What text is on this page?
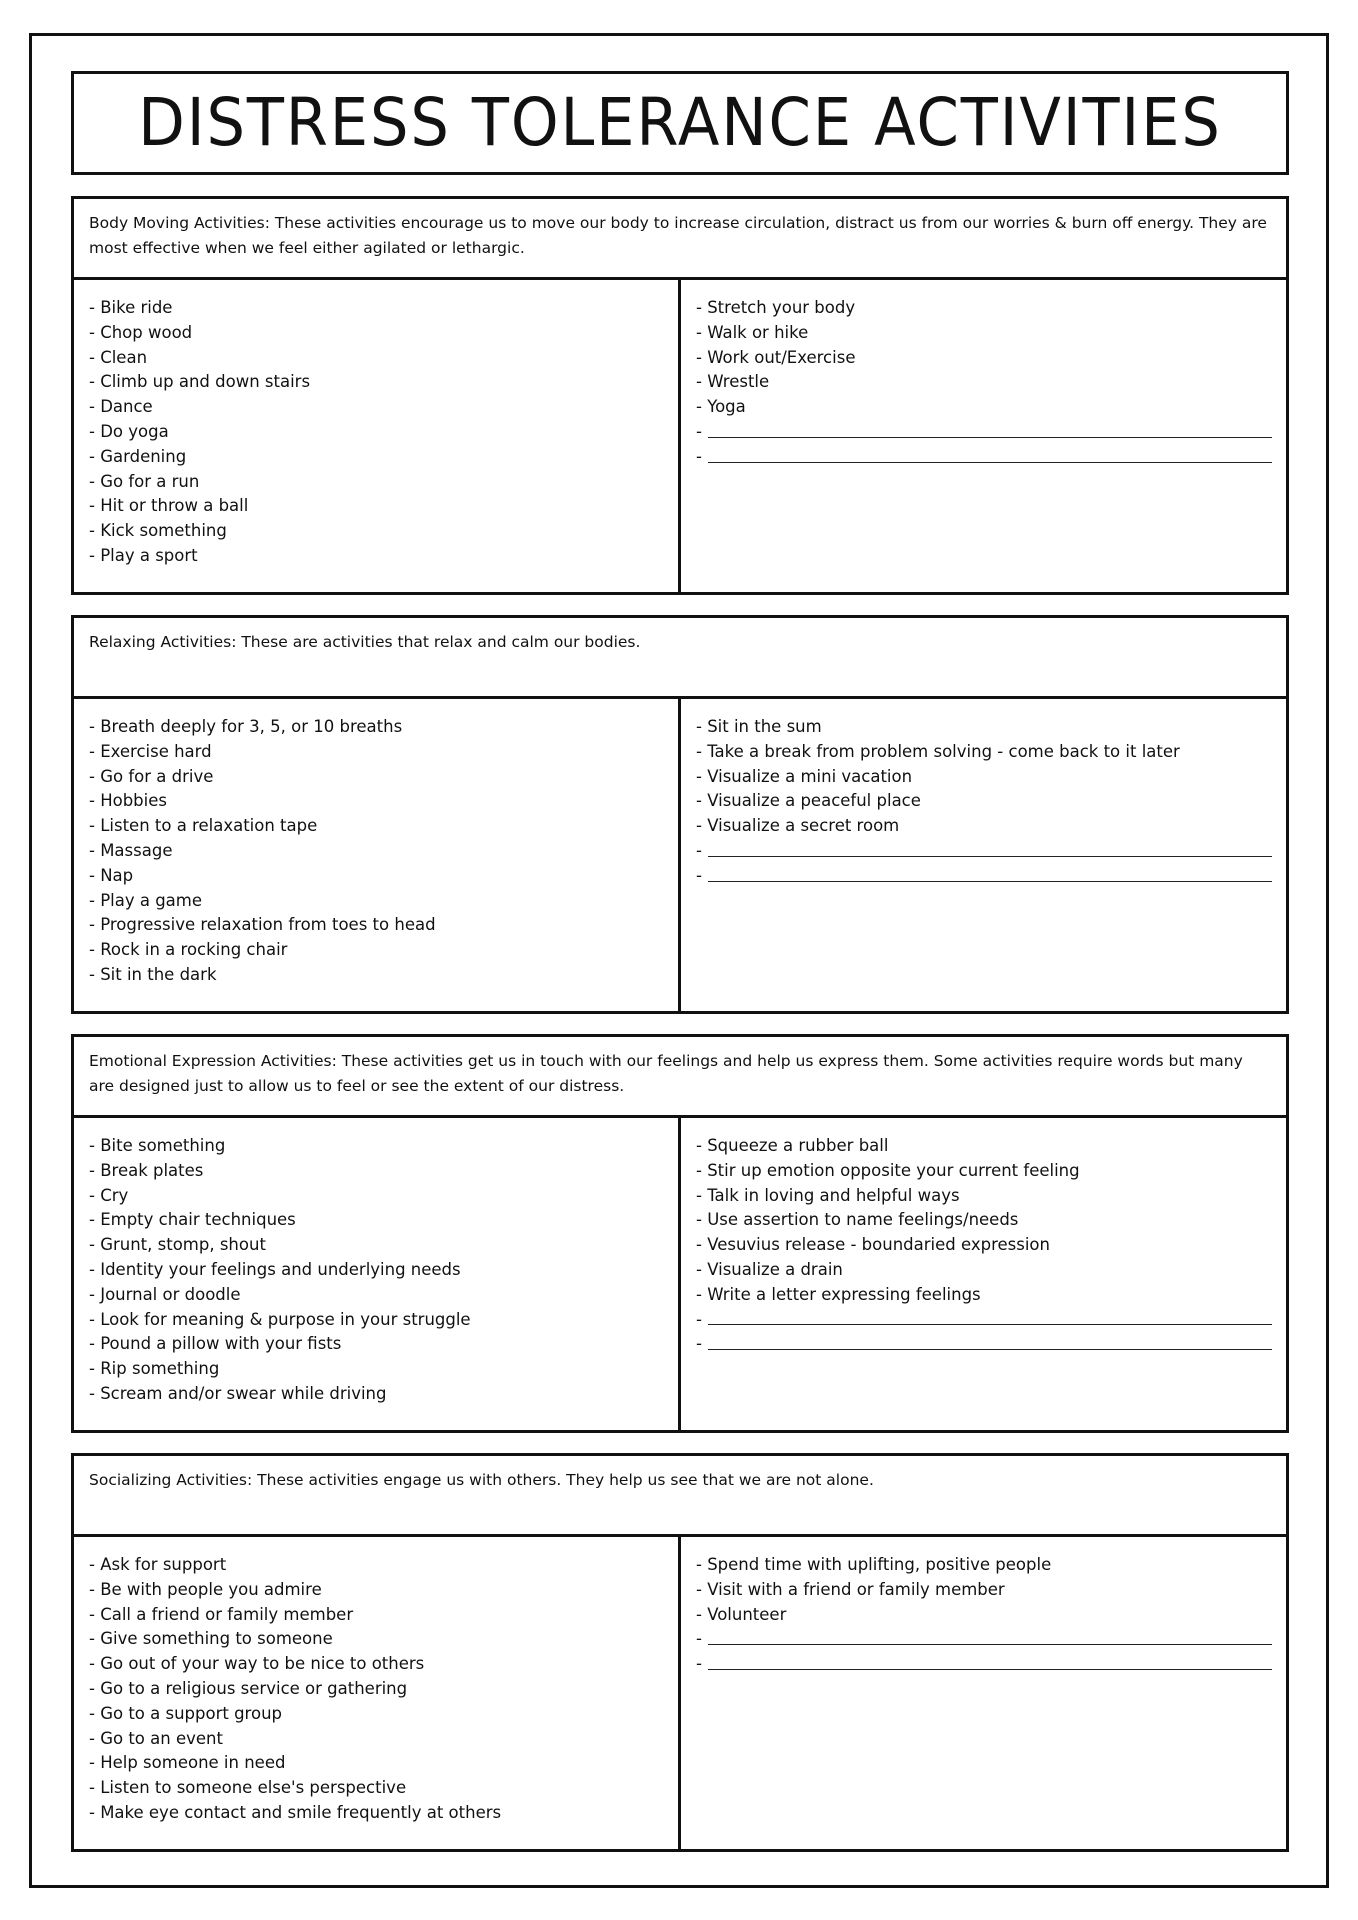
DISTRESS TOLERANCE ACTIVITIES
Body Moving Activities: These activities encourage us to move our body to increase circulation, distract us from our worries & burn off energy. They are most effective when we feel either agilated or lethargic.
- Bike ride
- Chop wood
- Clean
- Climb up and down stairs
- Dance
- Do yoga
- Gardening
- Go for a run
- Hit or throw a ball
- Kick something
- Play a sport
- Stretch your body
- Walk or hike
- Work out/Exercise
- Wrestle
- Yoga
-
-
Relaxing Activities: These are activities that relax and calm our bodies.
- Breath deeply for 3, 5, or 10 breaths
- Exercise hard
- Go for a drive
- Hobbies
- Listen to a relaxation tape
- Massage
- Nap
- Play a game
- Progressive relaxation from toes to head
- Rock in a rocking chair
- Sit in the dark
- Sit in the sum
- Take a break from problem solving - come back to it later
- Visualize a mini vacation
- Visualize a peaceful place
- Visualize a secret room
-
-
Emotional Expression Activities: These activities get us in touch with our feelings and help us express them. Some activities require words but many are designed just to allow us to feel or see the extent of our distress.
- Bite something
- Break plates
- Cry
- Empty chair techniques
- Grunt, stomp, shout
- Identity your feelings and underlying needs
- Journal or doodle
- Look for meaning & purpose in your struggle
- Pound a pillow with your fists
- Rip something
- Scream and/or swear while driving
- Squeeze a rubber ball
- Stir up emotion opposite your current feeling
- Talk in loving and helpful ways
- Use assertion to name feelings/needs
- Vesuvius release - boundaried expression
- Visualize a drain
- Write a letter expressing feelings
-
-
Socializing Activities: These activities engage us with others. They help us see that we are not alone.
- Ask for support
- Be with people you admire
- Call a friend or family member
- Give something to someone
- Go out of your way to be nice to others
- Go to a religious service or gathering
- Go to a support group
- Go to an event
- Help someone in need
- Listen to someone else's perspective
- Make eye contact and smile frequently at others
- Spend time with uplifting, positive people
- Visit with a friend or family member
- Volunteer
-
-
